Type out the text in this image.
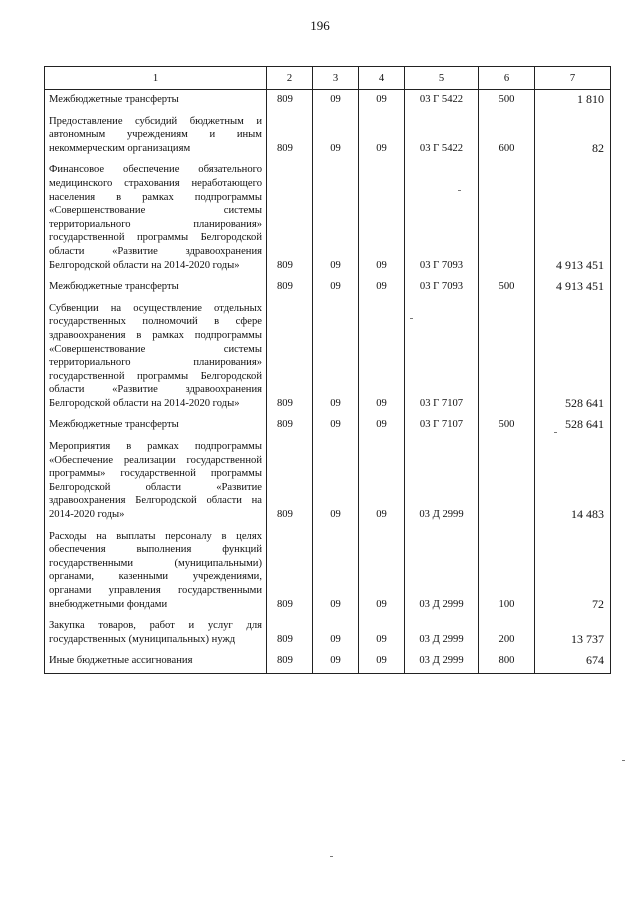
196
1	2	3	4	5	6	7
Межбюджетные трансферты	809	09	09	03 Г 5422	500	1 810
Предоставление субсидий бюджетным и автономным учреждениям и иным некоммерческим организациям	809	09	09	03 Г 5422	600	82
Финансовое обеспечение обязательного медицинского страхования неработающего населения в рамках подпрограммы «Совершенствование системы территориального планирования» государственной программы Белгородской области «Развитие здравоохранения Белгородской области на 2014-2020 годы»	809	09	09	03 Г 7093		4 913 451
Межбюджетные трансферты	809	09	09	03 Г 7093	500	4 913 451
Субвенции на осуществление отдельных государственных полномочий в сфере здравоохранения в рамках подпрограммы «Совершенствование системы территориального планирования» государственной программы Белгородской области «Развитие здравоохранения Белгородской области на 2014-2020 годы»	809	09	09	03 Г 7107		528 641
Межбюджетные трансферты	809	09	09	03 Г 7107	500	528 641
Мероприятия в рамках подпрограммы «Обеспечение реализации государственной программы» государственной программы Белгородской области «Развитие здравоохранения Белгородской области на 2014-2020 годы»	809	09	09	03 Д 2999		14 483
Расходы на выплаты персоналу в целях обеспечения выполнения функций государственными (муниципальными) органами, казенными учреждениями, органами управления государственными внебюджетными фондами	809	09	09	03 Д 2999	100	72
Закупка товаров, работ и услуг для государственных (муниципальных) нужд	809	09	09	03 Д 2999	200	13 737
Иные бюджетные ассигнования	809	09	09	03 Д 2999	800	674
